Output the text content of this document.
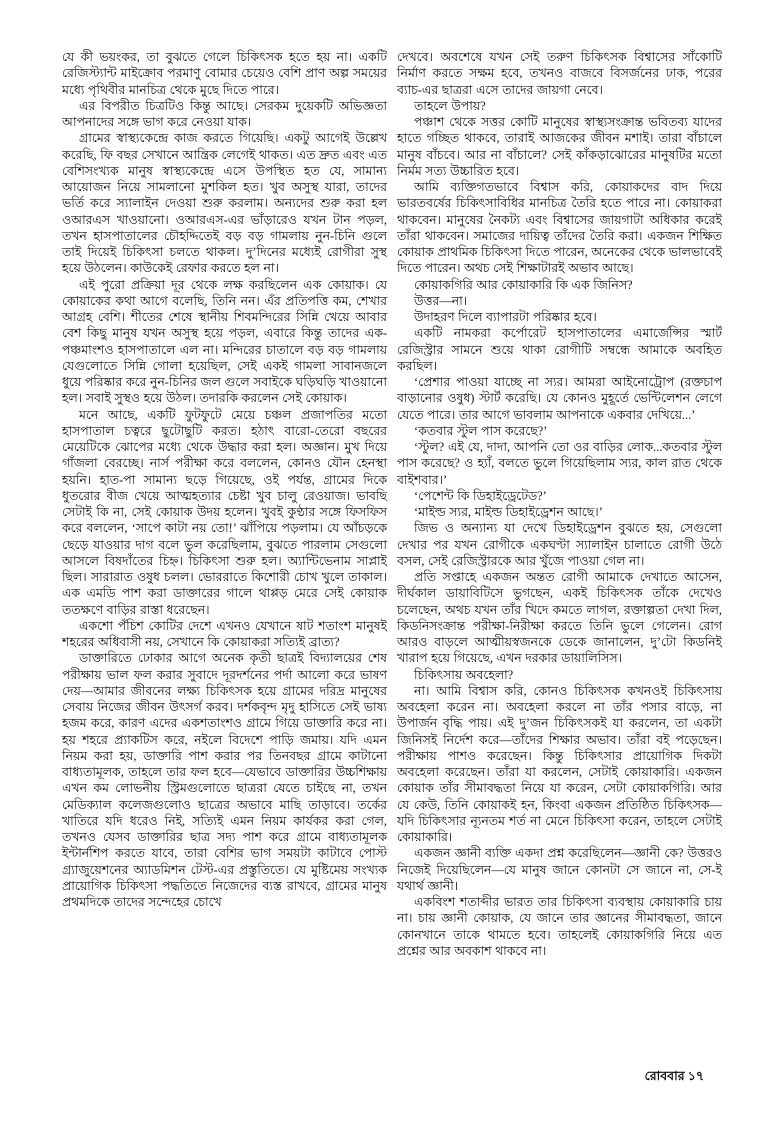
যে কী ভয়ংকর, তা বুঝতে গেলে চিকিৎসক হতে হয় না। একটি রেজিস্ট্যান্ট মাইক্রোব পরমাণু বোমার চেয়েও বেশি প্রাণ অল্প সময়ের মধ্যে পৃথিবীর মানচিত্র থেকে মুছে দিতে পারে।

এর বিপরীত চিত্রটিও কিন্তু আছে। সেরকম দুয়েকটি অভিজ্ঞতা আপনাদের সঙ্গে ভাগ করে নেওয়া যাক।

গ্রামের স্বাস্থ্যকেন্দ্রে কাজ করতে গিয়েছি। একটু আগেই উল্লেখ করেছি, ফি বছর সেখানে আন্ত্রিক লেগেই থাকত। এত দ্রুত এবং এত বেশিসংখ্যক মানুষ স্বাস্থ্যকেন্দ্রে এসে উপস্থিত হত যে, সামান্য আয়োজন নিয়ে সামলানো মুশকিল হত। খুব অসুস্থ যারা, তাদের ভর্তি করে স্যালাইন দেওয়া শুরু করলাম। অন্যদের শুরু করা হল ওআরএস খাওয়ানো। ওআরএস-এর ভাঁড়ারেও যখন টান পড়ল, তখন হাসপাতালের চৌহদ্দিতেই বড় বড় গামলায় নুন-চিনি গুলে তাই দিয়েই চিকিৎসা চলতে থাকল। দু’দিনের মধ্যেই রোগীরা সুস্থ হয়ে উঠলেন। কাউকেই রেফার করতে হল না।

এই পুরো প্রক্রিয়া দূর থেকে লক্ষ করছিলেন এক কোয়াক। যে কোয়াকের কথা আগে বলেছি, তিনি নন। এঁর প্রতিপত্তি কম, শেখার আগ্রহ বেশি। শীতের শেষে স্থানীয় শিবমন্দিরের সিন্নি খেয়ে আবার বেশ কিছু মানুষ যখন অসুস্থ হয়ে পড়ল, এবারে কিন্তু তাদের এক-পঞ্চমাংশও হাসপাতালে এল না। মন্দিরের চাতালে বড় বড় গামলায় যেগুলোতে সিন্নি গোলা হয়েছিল, সেই একই গামলা সাবানজলে ধুয়ে পরিষ্কার করে নুন-চিনির জল গুলে সবাইকে ঘড়িঘড়ি খাওয়ানো হল। সবাই সুস্থও হয়ে উঠল। তদারকি করলেন সেই কোয়াক।

মনে আছে, একটি ফুটফুটে মেয়ে চঞ্চল প্রজাপতির মতো হাসপাতাল চত্বরে ছুটোছুটি করত। হঠাৎ বারো-তেরো বছরের মেয়েটিকে ঝোপের মধ্যে থেকে উদ্ধার করা হল। অজ্ঞান। মুখ দিয়ে গাঁজলা বেরচ্ছে। নার্স পরীক্ষা করে বললেন, কোনও যৌন হেনস্থা হয়নি। হাত-পা সামান্য ছড়ে গিয়েছে, ওই পর্যন্ত, গ্রামের দিকে ধুতরোর বীজ খেয়ে আত্মহত্যার চেষ্টা খুব চালু রেওয়াজ। ভাবছি সেটাই কি না, সেই কোয়াক উদয় হলেন। খুবই কুণ্ঠার সঙ্গে ফিসফিস করে বললেন, ‘সাপে কাটা নয় তো!’ ঝাঁপিয়ে পড়লাম। যে আঁচড়কে ছেড়ে যাওয়ার দাগ বলে ভুল করেছিলাম, বুঝতে পারলাম সেগুলো আসলে বিষদাঁতের চিহ্ন। চিকিৎসা শুরু হল। অ্যান্টিভেনাম সাপ্লাই ছিল। সারারাত ওষুধ চলল। ভোররাতে কিশোরী চোখ খুলে তাকাল। এক এমডি পাশ করা ডাক্তারের গালে থাপ্পড় মেরে সেই কোয়াক ততক্ষণে বাড়ির রাস্তা ধরেছেন।

একশো পঁচিশ কোটির দেশে এখনও যেখানে ষাট শতাংশ মানুষই শহরের অধিবাসী নয়, সেখানে কি কোয়াকরা সত্যিই ব্রাত্য?

ডাক্তারিতে ঢোকার আগে অনেক কৃতী ছাত্রই বিদ্যালয়ের শেষ পরীক্ষায় ভাল ফল করার সুবাদে দূরদর্শনের পর্দা আলো করে ভাষণ দেয়—আমার জীবনের লক্ষ্য চিকিৎসক হয়ে গ্রামের দরিদ্র মানুষের সেবায় নিজের জীবন উৎসর্গ করব। দর্শকবৃন্দ মৃদু হাসিতে সেই ভাষ্য হজম করে, কারণ এদের একশতাংশও গ্রামে গিয়ে ডাক্তারি করে না। হয় শহরে প্র্যাকটিস করে, নইলে বিদেশে পাড়ি জমায়। যদি এমন নিয়ম করা হয়, ডাক্তারি পাশ করার পর তিনবছর গ্রামে কাটানো বাধ্যতামূলক, তাহলে তার ফল হবে—যেভাবে ডাক্তারির উচ্চশিক্ষায় এখন কম লোভনীয় স্ট্রিমগুলোতে ছাত্ররা যেতে চাইছে না, তখন মেডিক্যাল কলেজগুলোও ছাত্রের অভাবে মাছি তাড়াবে। তর্কের খাতিরে যদি ধরেও নিই, সত্যিই এমন নিয়ম কার্যকর করা গেল, তখনও যেসব ডাক্তারির ছাত্র সদ্য পাশ করে গ্রামে বাধ্যতামূলক ইন্টার্নশিপ করতে যাবে, তারা বেশির ভাগ সময়টা কাটাবে পোস্ট গ্র্যাজুয়েশনের অ্যাডমিশন টেস্ট-এর প্রস্তুতিতে। যে মুষ্টিমেয় সংখ্যক প্রায়োগিক চিকিৎসা পদ্ধতিতে নিজেদের ব্যস্ত রাখবে, গ্রামের মানুষ প্রথমদিকে তাদের সন্দেহের চোখে

দেখবে। অবশেষে যখন সেই তরুণ চিকিৎসক বিশ্বাসের সাঁকোটি নির্মাণ করতে সক্ষম হবে, তখনও বাজবে বিসর্জনের ঢাক, পরের ব্যাচ-এর ছাত্ররা এসে তাদের জায়গা নেবে।

তাহলে উপায়?

পঞ্চাশ থেকে সত্তর কোটি মানুষের স্বাস্থ্যসংক্রান্ত ভবিতব্য যাদের হাতে গচ্ছিত থাকবে, তারাই আজকের জীবন মশাই। তারা বাঁচালে মানুষ বাঁচবে। আর না বাঁচালে? সেই কাঁকড়াঝোরের মানুষটির মতো নির্মম সত্য উচ্চারিত হবে।

আমি ব্যক্তিগতভাবে বিশ্বাস করি, কোয়াকদের বাদ দিয়ে ভারতবর্ষের চিকিৎসাবিধির মানচিত্র তৈরি হতে পারে না। কোয়াকরা থাকবেন। মানুষের নৈকট্য এবং বিশ্বাসের জায়গাটা অধিকার করেই তাঁরা থাকবেন। সমাজের দায়িত্ব তাঁদের তৈরি করা। একজন শিক্ষিত কোয়াক প্রাথমিক চিকিৎসা দিতে পারেন, অনেকের থেকে ভালভাবেই দিতে পারেন। অথচ সেই শিক্ষাটারই অভাব আছে।

কোয়াকগিরি আর কোয়াকারি কি এক জিনিস?

উত্তর—না।

উদাহরণ দিলে ব্যাপারটা পরিষ্কার হবে।

একটি নামকরা কর্পোরেট হাসপাতালের এমার্জেন্সির স্মার্ট রেজিস্ট্রার সামনে শুয়ে থাকা রোগীটি সম্বন্ধে আমাকে অবহিত করছিল।

‘প্রেশার পাওয়া যাচ্ছে না স্যর। আমরা আইনোট্রোপ (রক্তচাপ বাড়ানোর ওষুধ) স্টার্ট করেছি। যে কোনও মুহূর্তে ভেন্টিলেশন লেগে যেতে পারে। তার আগে ভাবলাম আপনাকে একবার দেখিয়ে...’

‘কতবার স্টুল পাস করেছে?’

‘স্টুল? এই যে, দাদা, আপনি তো ওর বাড়ির লোক...কতবার স্টুল পাস করেছে? ও হ্যাঁ, বলতে ভুলে গিয়েছিলাম স্যর, কাল রাত থেকে বাইশবার।’

‘পেশেন্ট কি ডিহাইড্রেটেড?’

‘মাইল্ড স্যর, মাইল্ড ডিহাইড্রেশন আছে।’

জিভ ও অন্যান্য যা দেখে ডিহাইড্রেশন বুঝতে হয়, সেগুলো দেখার পর যখন রোগীকে একঘণ্টা স্যালাইন চালাতে রোগী উঠে বসল, সেই রেজিস্ট্রারকে আর খুঁজে পাওয়া গেল না।

প্রতি সপ্তাহে একজন অন্তত রোগী আমাকে দেখাতে আসেন, দীর্ঘকাল ডায়াবিটিসে ভুগছেন, একই চিকিৎসক তাঁকে দেখেও চলেছেন, অথচ যখন তাঁর খিদে কমতে লাগল, রক্তাল্পতা দেখা দিল, কিডনিসংক্রান্ত পরীক্ষা-নিরীক্ষা করতে তিনি ভুলে গেলেন। রোগ আরও বাড়লে আত্মীয়স্বজনকে ডেকে জানালেন, দু’টো কিডনিই খারাপ হয়ে গিয়েছে, এখন দরকার ডায়ালিসিস।

চিকিৎসায় অবহেলা?

না। আমি বিশ্বাস করি, কোনও চিকিৎসক কখনওই চিকিৎসায় অবহেলা করেন না। অবহেলা করলে না তাঁর পসার বাড়ে, না উপার্জন বৃদ্ধি পায়। এই দু’জন চিকিৎসকই যা করলেন, তা একটা জিনিসই নির্দেশ করে—তাঁদের শিক্ষার অভাব। তাঁরা বই পড়েছেন। পরীক্ষায় পাশও করেছেন। কিন্তু চিকিৎসার প্রায়োগিক দিকটা অবহেলা করেছেন। তাঁরা যা করলেন, সেটাই কোয়াকারি। একজন কোয়াক তাঁর সীমাবদ্ধতা নিয়ে যা করেন, সেটা কোয়াকগিরি। আর যে কেউ, তিনি কোয়াকই হন, কিংবা একজন প্রতিষ্ঠিত চিকিৎসক—যদি চিকিৎসার ন্যূনতম শর্ত না মেনে চিকিৎসা করেন, তাহলে সেটাই কোয়াকারি।

একজন জ্ঞানী ব্যক্তি একদা প্রশ্ন করেছিলেন—জ্ঞানী কে? উত্তরও নিজেই দিয়েছিলেন—যে মানুষ জানে কোনটা সে জানে না, সে-ই যথার্থ জ্ঞানী।

একবিংশ শতাব্দীর ভারত তার চিকিৎসা ব্যবস্থায় কোয়াকারি চায় না। চায় জ্ঞানী কোয়াক, যে জানে তার জ্ঞানের সীমাবদ্ধতা, জানে কোনখানে তাকে থামতে হবে। তাহলেই কোয়াকগিরি নিয়ে এত প্রশ্নের আর অবকাশ থাকবে না।

রোববার ১৭
